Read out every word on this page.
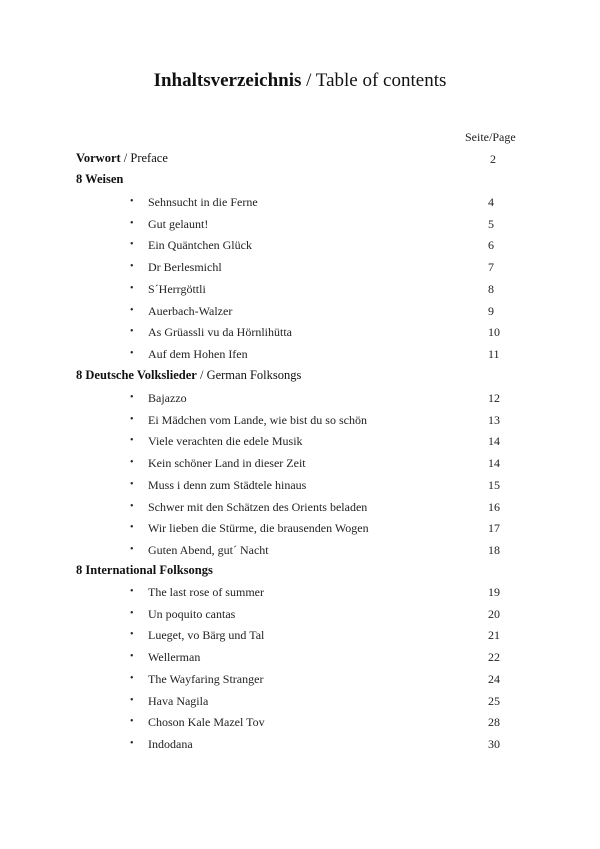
Inhaltsverzeichnis / Table of contents
Seite/Page
Vorwort / Preface	2
8 Weisen
• Sehnsucht in die Ferne	4
• Gut gelaunt!	5
• Ein Quäntchen Glück	6
• Dr Berlesmichl	7
• S´Herrgöttli	8
• Auerbach-Walzer	9
• As Grüassli vu da Hörnlihütta	10
• Auf dem Hohen Ifen	11
8 Deutsche Volkslieder / German Folksongs
• Bajazzo	12
• Ei Mädchen vom Lande, wie bist du so schön	13
• Viele verachten die edele Musik	14
• Kein schöner Land in dieser Zeit	14
• Muss i denn zum Städtele hinaus	15
• Schwer mit den Schätzen des Orients beladen	16
• Wir lieben die Stürme, die brausenden Wogen	17
• Guten Abend, gut´ Nacht	18
8 International Folksongs
• The last rose of summer	19
• Un poquito cantas	20
• Lueget, vo Bärg und Tal	21
• Wellerman	22
• The Wayfaring Stranger	24
• Hava Nagila	25
• Choson Kale Mazel Tov	28
• Indodana	30
